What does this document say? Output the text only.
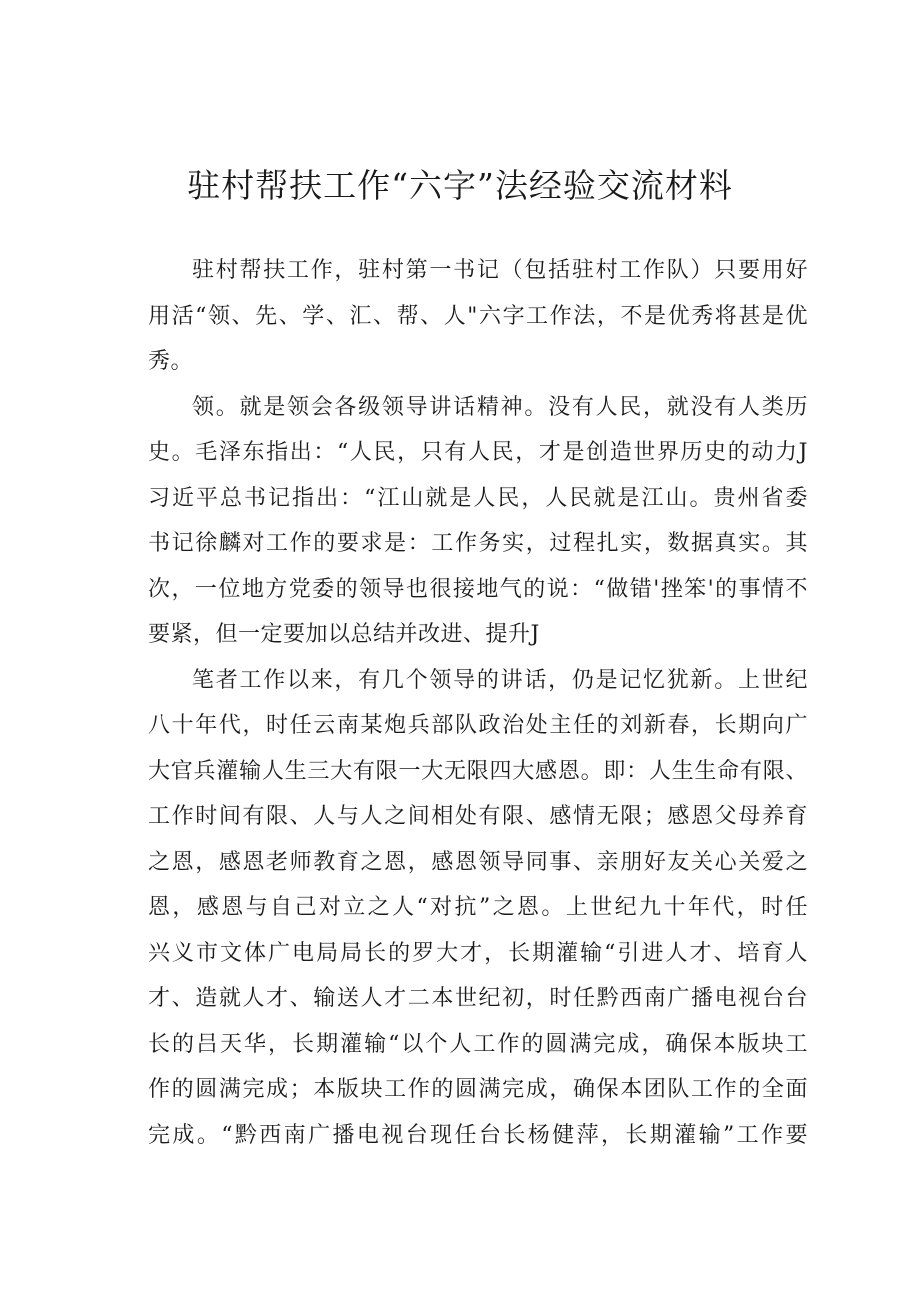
驻村帮扶工作“六字”法经验交流材料
驻村帮扶工作，驻村第一书记（包括驻村工作队）只要用好
用活“领、先、学、汇、帮、人"六字工作法，不是优秀将甚是优
秀。
领。就是领会各级领导讲话精神。没有人民，就没有人类历
史。毛泽东指出：“人民，只有人民，才是创造世界历史的动力J
习近平总书记指出：“江山就是人民，人民就是江山。贵州省委
书记徐麟对工作的要求是：工作务实，过程扎实，数据真实。其
次，一位地方党委的领导也很接地气的说：“做错'挫笨'的事情不
要紧，但一定要加以总结并改进、提升J
笔者工作以来，有几个领导的讲话，仍是记忆犹新。上世纪
八十年代，时任云南某炮兵部队政治处主任的刘新春，长期向广
大官兵灌输人生三大有限一大无限四大感恩。即：人生生命有限、
工作时间有限、人与人之间相处有限、感情无限；感恩父母养育
之恩，感恩老师教育之恩，感恩领导同事、亲朋好友关心关爱之
恩，感恩与自己对立之人“对抗”之恩。上世纪九十年代，时任
兴义市文体广电局局长的罗大才，长期灌输“引进人才、培育人
才、造就人才、输送人才二本世纪初，时任黔西南广播电视台台
长的吕天华，长期灌输“以个人工作的圆满完成，确保本版块工
作的圆满完成；本版块工作的圆满完成，确保本团队工作的全面
完成。“黔西南广播电视台现任台长杨健萍，长期灌输”工作要
